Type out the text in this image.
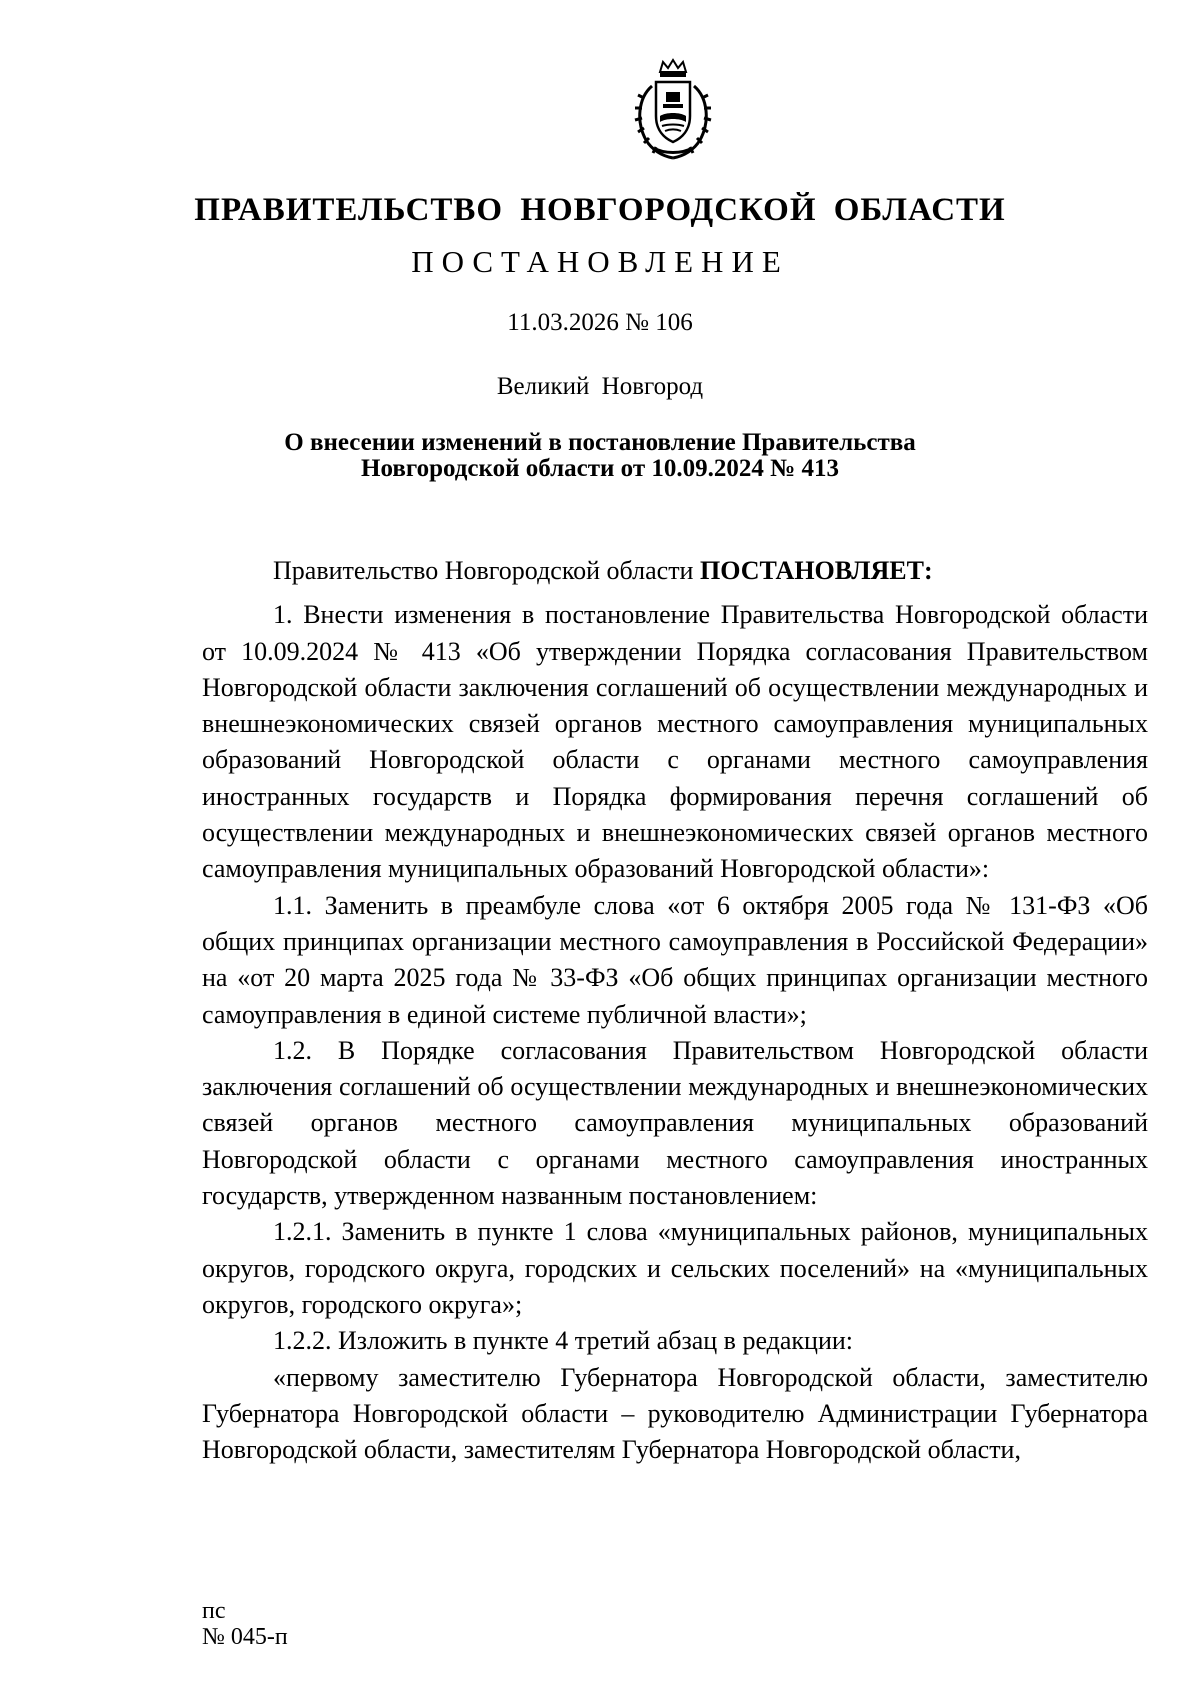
ПРАВИТЕЛЬСТВО НОВГОРОДСКОЙ ОБЛАСТИ
ПОСТАНОВЛЕНИЕ
11.03.2026 № 106
Великий Новгород
О внесении изменений в постановление Правительства
Новгородской области от 10.09.2024 № 413

Правительство Новгородской области ПОСТАНОВЛЯЕТ:

1. Внести изменения в постановление Правительства Новгородской области от 10.09.2024 № 413 «Об утверждении Порядка согласования Правительством Новгородской области заключения соглашений об осуществлении международных и внешнеэкономических связей органов местного самоуправления муниципальных образований Новгородской области с органами местного самоуправления иностранных государств и Порядка формирования перечня соглашений об осуществлении международных и внешнеэкономических связей органов местного самоуправления муниципальных образований Новгородской области»:

1.1. Заменить в преамбуле слова «от 6 октября 2005 года № 131-ФЗ «Об общих принципах организации местного самоуправления в Российской Федерации» на «от 20 марта 2025 года № 33-ФЗ «Об общих принципах организации местного самоуправления в единой системе публичной власти»;

1.2. В Порядке согласования Правительством Новгородской области заключения соглашений об осуществлении международных и внешнеэкономических связей органов местного самоуправления муниципальных образований Новгородской области с органами местного самоуправления иностранных государств, утвержденном названным постановлением:

1.2.1. Заменить в пункте 1 слова «муниципальных районов, муниципальных округов, городского округа, городских и сельских поселений» на «муниципальных округов, городского округа»;

1.2.2. Изложить в пункте 4 третий абзац в редакции:

«первому заместителю Губернатора Новгородской области, заместителю Губернатора Новгородской области – руководителю Администрации Губернатора Новгородской области, заместителям Губернатора Новгородской области,

пс
№ 045-п
